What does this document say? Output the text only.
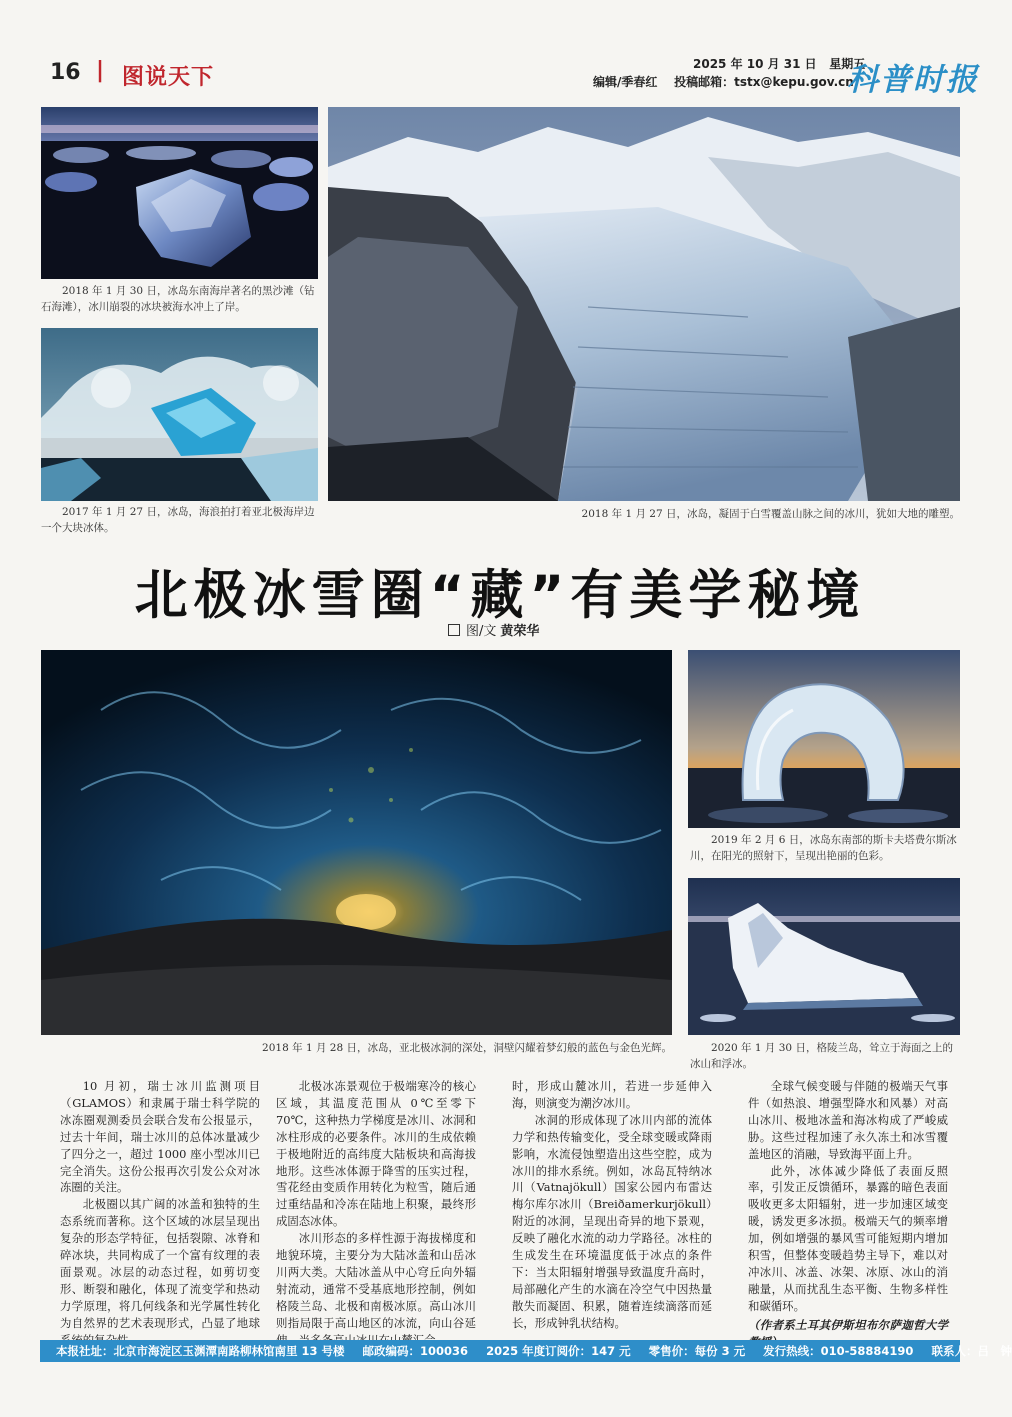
16 | 图说天下
2025 年 10 月 31 日   星期五
编辑/季春红    投稿邮箱：tstx@kepu.gov.cn
科普时报
2018 年 1 月 30 日，冰岛东南海岸著名的黑沙滩（钻石海滩），冰川崩裂的冰块被海水冲上了岸。
2017 年 1 月 27 日，冰岛，海浪拍打着亚北极海岸边一个大块冰体。
2018 年 1 月 27 日，冰岛，凝固于白雪覆盖山脉之间的冰川，犹如大地的雕塑。
北极冰雪圈“藏”有美学秘境
图/文 黄荣华
2018 年 1 月 28 日，冰岛，亚北极冰洞的深处，洞壁闪耀着梦幻般的蓝色与金色光辉。
2019 年 2 月 6 日，冰岛东南部的斯卡夫塔费尔斯冰川，在阳光的照射下，呈现出艳丽的色彩。
2020 年 1 月 30 日，格陵兰岛，耸立于海面之上的冰山和浮冰。

10 月初，瑞士冰川监测项目（GLAMOS）和隶属于瑞士科学院的冰冻圈观测委员会联合发布公报显示，过去十年间，瑞士冰川的总体冰量减少了四分之一，超过 1000 座小型冰川已完全消失。这份公报再次引发公众对冰冻圈的关注。

北极圈以其广阔的冰盖和独特的生态系统而著称。这个区域的冰层呈现出复杂的形态学特征，包括裂隙、冰脊和碎冰块，共同构成了一个富有纹理的表面景观。冰层的动态过程，如剪切变形、断裂和融化，体现了流变学和热动力学原理，将几何线条和光学属性转化为自然界的艺术表现形式，凸显了地球

北极冰冻景观位于极端寒冷的核心区域，其温度范围从 0℃至零下 70℃，这种热力学梯度是冰川、冰洞和冰柱形成的必要条件。冰川的生成依赖于极地附近的高纬度大陆板块和高海拔地形。这些冰体源于降雪的压实过程，雪花经由变质作用转化为粒雪，随后通过重结晶和冷冻在陆地上积聚，最终形成固态冰体。

冰川形态的多样性源于海拔梯度和地貌环境，主要分为大陆冰盖和山岳冰川两大类。大陆冰盖从中心穹丘向外辐射流动，通常不受基底地形控制，例如格陵兰岛、北极和南极冰原。高山冰川则指局限于高山地区的冰流，向山谷延

时，形成山麓冰川，若进一步延伸入海，则演变为潮汐冰川。

冰洞的形成体现了冰川内部的流体力学和热传输变化，受全球变暖或降雨影响，水流侵蚀塑造出这些空腔，成为冰川的排水系统。例如，冰岛瓦特纳冰川（Vatnajökull）国家公园内布雷达梅尔库尔冰川（Breiðamerkurjökull）附近的冰洞，呈现出奇异的地下景观，反映了融化水流的动力学路径。冰柱的生成发生在环境温度低于冰点的条件下：当太阳辐射增强导致温度升高时，局部融化产生的水滴在冷空气中因热量散失而凝固、积累，随着连续滴落而延长，形成钟乳状结构。

全球气候变暖与伴随的极端天气事件（如热浪、增强型降水和风暴）对高山冰川、极地冰盖和海冰构成了严峻威胁。这些过程加速了永久冻土和冰雪覆盖地区的消融，导致海平面上升。

此外，冰体减少降低了表面反照率，引发正反馈循环，暴露的暗色表面吸收更多太阳辐射，进一步加速区域变暖，诱发更多冰损。极端天气的频率增加，例如增强的暴风雪可能短期内增加积雪，但整体变暖趋势主导下，难以对冲冰川、冰盖、冰架、冰原、冰山的消融量，从而扰乱生态平衡、生物多样性和碳循环。

（作者系土耳其伊斯坦布尔萨迦哲大学

本报社址：北京市海淀区玉渊潭南路柳林馆南里 13 号楼 邮政编码：100036 2025 年度订阅价：147 元 零售价：每份 3 元 发行热线：010-58884190 联系人：吕　钟
